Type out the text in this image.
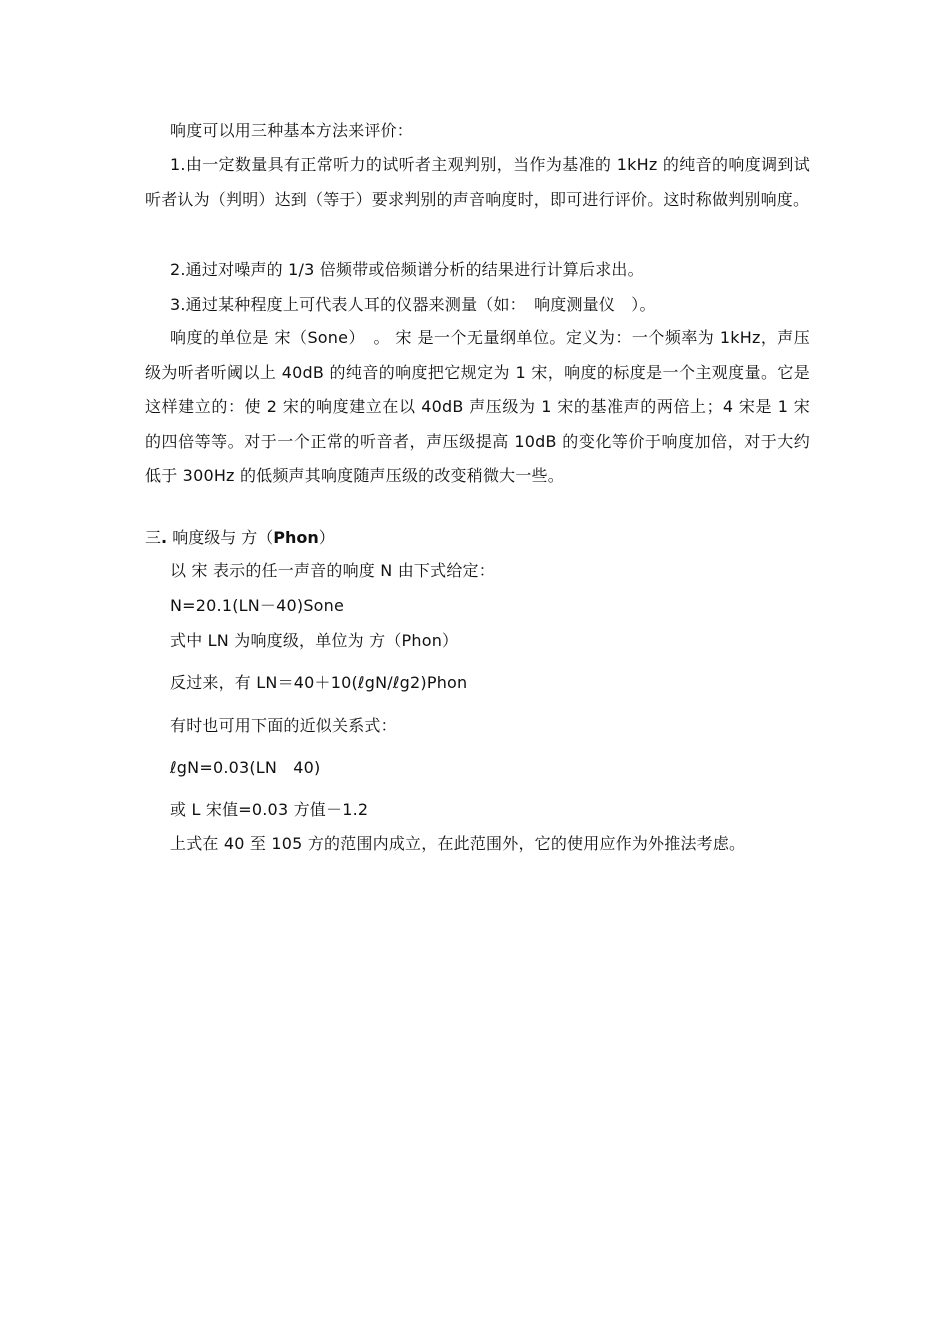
响度可以用三种基本方法来评价：
1.由一定数量具有正常听力的试听者主观判别，当作为基准的 1kHz 的纯音的响度调到试听者认为（判明）达到（等于）要求判别的声音响度时，即可进行评价。这时称做判别响度。
2.通过对噪声的 1/3 倍频带或倍频谱分析的结果进行计算后求出。
3.通过某种程度上可代表人耳的仪器来测量（如：　响度测量仪　）。
响度的单位是 宋（Sone）　。 宋 是一个无量纲单位。定义为：一个频率为 1kHz，声压级为听者听阈以上 40dB 的纯音的响度把它规定为 1 宋，响度的标度是一个主观度量。它是这样建立的：使 2 宋的响度建立在以 40dB 声压级为 1 宋的基准声的两倍上；4 宋是 1 宋的四倍等等。对于一个正常的听音者，声压级提高 10dB 的变化等价于响度加倍，对于大约低于 300Hz 的低频声其响度随声压级的改变稍微大一些。
三. 响度级与 方（Phon）
以 宋 表示的任一声音的响度 N 由下式给定：
N=20.1(LN－40)Sone
式中 LN 为响度级，单位为 方（Phon）
反过来，有 LN＝40＋10(ℓgN/ℓg2)Phon
有时也可用下面的近似关系式：
ℓgN=0.03(LN　40)
或 L 宋值=0.03 方值－1.2
上式在 40 至 105 方的范围内成立，在此范围外，它的使用应作为外推法考虑。
